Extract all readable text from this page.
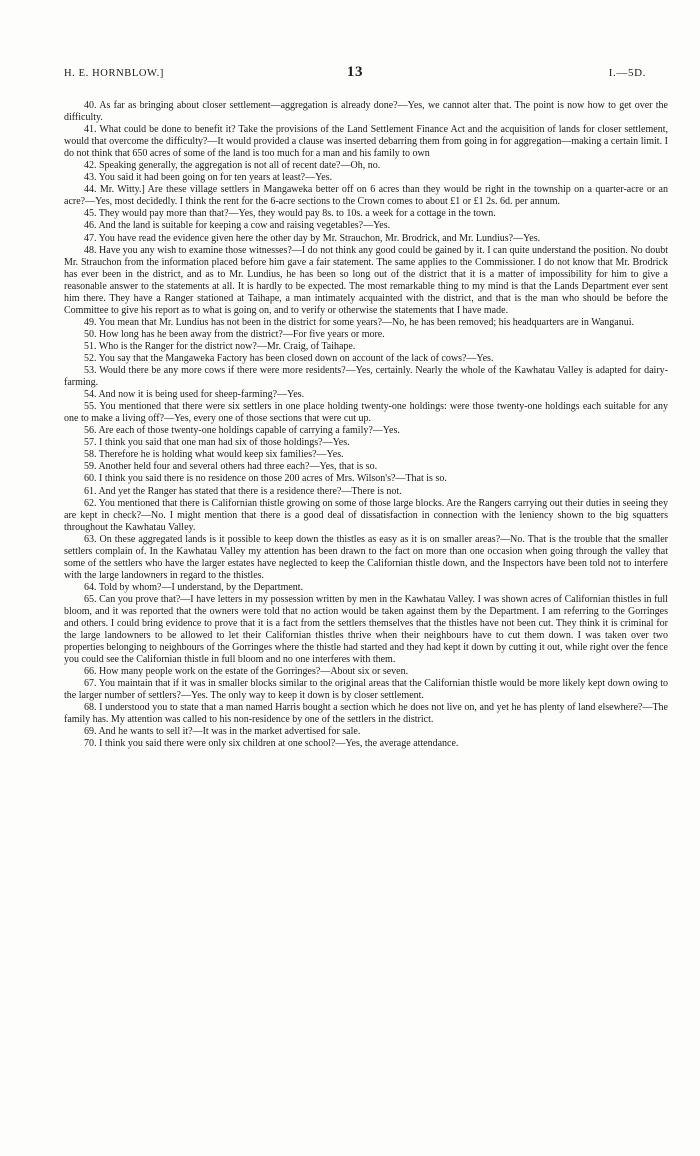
H. E. HORNBLOW.]	13	I.—5D.

40. As far as bringing about closer settlement—aggregation is already done?—Yes, we cannot alter that. The point is now how to get over the difficulty.

41. What could be done to benefit it? Take the provisions of the Land Settlement Finance Act and the acquisition of lands for closer settlement, would that overcome the difficulty?—It would provided a clause was inserted debarring them from going in for aggregation—making a certain limit. I do not think that 650 acres of some of the land is too much for a man and his family to own

42. Speaking generally, the aggregation is not all of recent date?—Oh, no.

43. You said it had been going on for ten years at least?—Yes.

44. Mr. Witty.] Are these village settlers in Mangaweka better off on 6 acres than they would be right in the township on a quarter-acre or an acre?—Yes, most decidedly. I think the rent for the 6-acre sections to the Crown comes to about £1 or £1 2s. 6d. per annum.

45. They would pay more than that?—Yes, they would pay 8s. to 10s. a week for a cottage in the town.

46. And the land is suitable for keeping a cow and raising vegetables?—Yes.

47. You have read the evidence given here the other day by Mr. Strauchon, Mr. Brodrick, and Mr. Lundius?—Yes.

48. Have you any wish to examine those witnesses?—I do not think any good could be gained by it. I can quite understand the position. No doubt Mr. Strauchon from the information placed before him gave a fair statement. The same applies to the Commissioner. I do not know that Mr. Brodrick has ever been in the district, and as to Mr. Lundius, he has been so long out of the district that it is a matter of impossibility for him to give a reasonable answer to the statements at all. It is hardly to be expected. The most remarkable thing to my mind is that the Lands Department ever sent him there. They have a Ranger stationed at Taihape, a man intimately acquainted with the district, and that is the man who should be before the Committee to give his report as to what is going on, and to verify or otherwise the statements that I have made.

49. You mean that Mr. Lundius has not been in the district for some years?—No, he has been removed; his headquarters are in Wanganui.

50. How long has he been away from the district?—For five years or more.

51. Who is the Ranger for the district now?—Mr. Craig, of Taihape.

52. You say that the Mangaweka Factory has been closed down on account of the lack of cows?—Yes.

53. Would there be any more cows if there were more residents?—Yes, certainly. Nearly the whole of the Kawhatau Valley is adapted for dairy-farming.

54. And now it is being used for sheep-farming?—Yes.

55. You mentioned that there were six settlers in one place holding twenty-one holdings: were those twenty-one holdings each suitable for any one to make a living off?—Yes, every one of those sections that were cut up.

56. Are each of those twenty-one holdings capable of carrying a family?—Yes.

57. I think you said that one man had six of those holdings?—Yes.

58. Therefore he is holding what would keep six families?—Yes.

59. Another held four and several others had three each?—Yes, that is so.

60. I think you said there is no residence on those 200 acres of Mrs. Wilson's?—That is so.

61. And yet the Ranger has stated that there is a residence there?—There is not.

62. You mentioned that there is Californian thistle growing on some of those large blocks. Are the Rangers carrying out their duties in seeing they are kept in check?—No. I might mention that there is a good deal of dissatisfaction in connection with the leniency shown to the big squatters throughout the Kawhatau Valley.

63. On these aggregated lands is it possible to keep down the thistles as easy as it is on smaller areas?—No. That is the trouble that the smaller settlers complain of. In the Kawhatau Valley my attention has been drawn to the fact on more than one occasion when going through the valley that some of the settlers who have the larger estates have neglected to keep the Californian thistle down, and the Inspectors have been told not to interfere with the large landowners in regard to the thistles.

64. Told by whom?—I understand, by the Department.

65. Can you prove that?—I have letters in my possession written by men in the Kawhatau Valley. I was shown acres of Californian thistles in full bloom, and it was reported that the owners were told that no action would be taken against them by the Department. I am referring to the Gorringes and others. I could bring evidence to prove that it is a fact from the settlers themselves that the thistles have not been cut. They think it is criminal for the large landowners to be allowed to let their Californian thistles thrive when their neighbours have to cut them down. I was taken over two properties belonging to neighbours of the Gorringes where the thistle had started and they had kept it down by cutting it out, while right over the fence you could see the Californian thistle in full bloom and no one interferes with them.

66. How many people work on the estate of the Gorringes?—About six or seven.

67. You maintain that if it was in smaller blocks similar to the original areas that the Californian thistle would be more likely kept down owing to the larger number of settlers?—Yes. The only way to keep it down is by closer settlement.

68. I understood you to state that a man named Harris bought a section which he does not live on, and yet he has plenty of land elsewhere?—The family has. My attention was called to his non-residence by one of the settlers in the district.

69. And he wants to sell it?—It was in the market advertised for sale.

70. I think you said there were only six children at one school?—Yes, the average attendance.
